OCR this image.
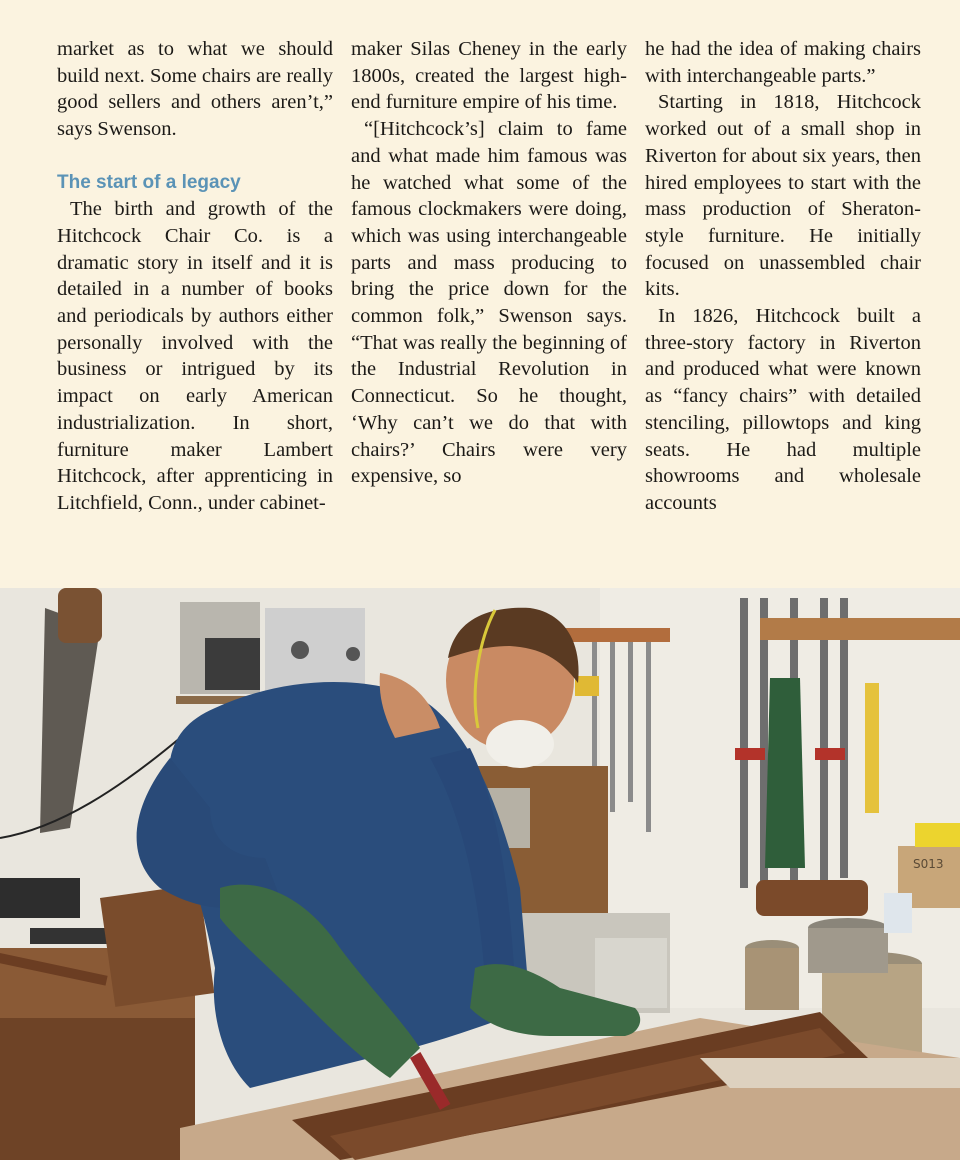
market as to what we should build next. Some chairs are really good sellers and others aren’t,” says Swenson.

The start of a legacy

The birth and growth of the Hitchcock Chair Co. is a dramatic story in itself and it is detailed in a number of books and periodicals by authors either personally involved with the business or intrigued by its impact on early American industrialization. In short, furniture maker Lambert Hitchcock, after apprenticing in Litchfield, Conn., under cabinet-

maker Silas Cheney in the early 1800s, created the largest high-end furniture empire of his time.

“[Hitchcock’s] claim to fame and what made him famous was he watched what some of the famous clockmakers were doing, which was using interchangeable parts and mass producing to bring the price down for the common folk,” Swenson says. “That was really the beginning of the Industrial Revolution in Connecticut. So he thought, ‘Why can’t we do that with chairs?’ Chairs were very expensive, so

he had the idea of making chairs with interchangeable parts.”

Starting in 1818, Hitchcock worked out of a small shop in Riverton for about six years, then hired employees to start with the mass production of Sheraton-style furniture. He initially focused on unassembled chair kits.

In 1826, Hitchcock built a three-story factory in Riverton and produced what were known as “fancy chairs” with detailed stenciling, pillowtops and king seats. He had multiple showrooms and wholesale accounts

S013
